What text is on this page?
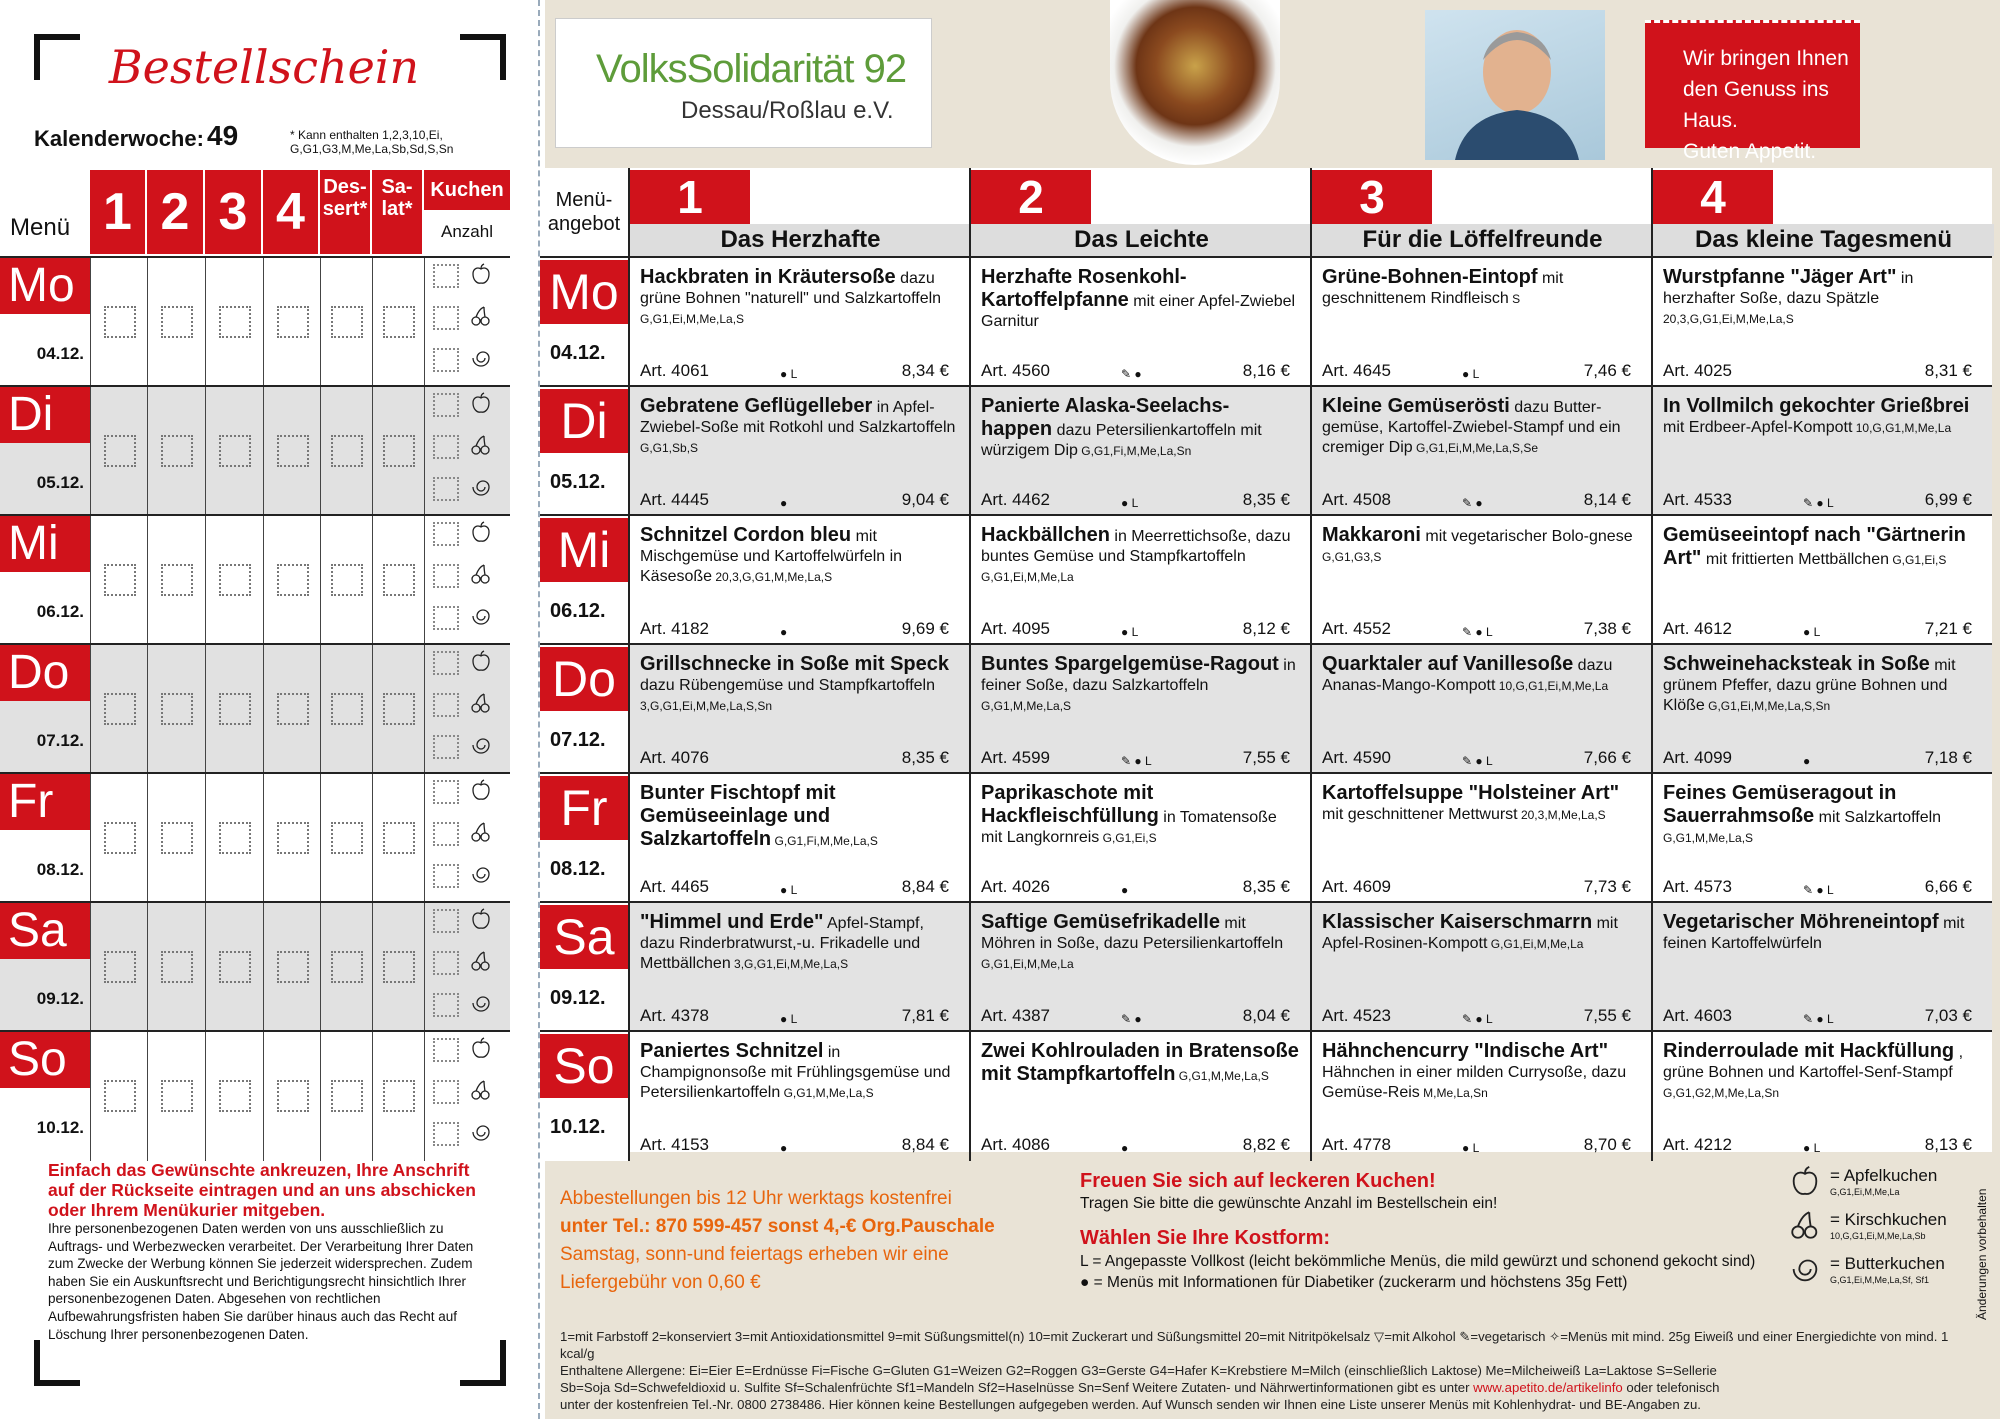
Bestellschein
Kalenderwoche: 49	* Kann enthalten 1,2,3,10,Ei, G,G1,G3,M,Me,La,Sb,Sd,S,Sn
Menü 1 2 3 4 Des-sert*
Sa-lat*
Kuchen
Anzahl
Mo
04.12.
Di
05.12.
Mi
06.12.
Do
07.12.
Fr
08.12.
Sa
09.12.
So
10.12.
Einfach das Gewünschte ankreuzen, Ihre Anschrift auf der Rückseite eintragen und an uns abschicken oder Ihrem Menükurier mitgeben.
Ihre personenbezogenen Daten werden von uns ausschließlich zu Auftrags- und Werbezwecken verarbeitet. Der Verarbeitung Ihrer Daten zum Zwecke der Werbung können Sie jederzeit widersprechen. Zudem haben Sie ein Auskunftsrecht und Berichtigungsrecht hinsichtlich Ihrer personenbezogenen Daten. Abgesehen von rechtlichen Aufbewahrungsfristen haben Sie darüber hinaus auch das Recht auf Löschung Ihrer personenbezogenen Daten.
VolksSolidarität 92
Dessau/Roßlau e.V.
Wir bringen Ihnen
den Genuss ins Haus.
Guten Appetit.
Menü-angebot
1
Das Herzhafte
2
Das Leichte
3
Für die Löffelfreunde
4
Das kleine Tagesmenü
Mo
04.12.
Hackbraten in Kräutersoße dazu grüne Bohnen "naturell" und Salzkartoffeln G,G1,Ei,M,Me,La,S
Art. 4061	● L	8,34 €
Herzhafte Rosenkohl-Kartoffelpfanne mit einer Apfel-Zwiebel Garnitur
Art. 4560	✎ ●	8,16 €
Grüne-Bohnen-Eintopf mit geschnittenem Rindfleisch S
Art. 4645	● L	7,46 €
Wurstpfanne "Jäger Art" in herzhafter Soße, dazu Spätzle 20,3,G,G1,Ei,M,Me,La,S
Art. 4025	8,31 €
Di
05.12.
Gebratene Geflügelleber in Apfel-Zwiebel-Soße mit Rotkohl und Salzkartoffeln G,G1,Sb,S
Art. 4445	●	9,04 €
Panierte Alaska-Seelachs-happen dazu Petersilienkartoffeln mit würzigem Dip G,G1,Fi,M,Me,La,Sn
Art. 4462	● L	8,35 €
Kleine Gemüserösti dazu Butter-gemüse, Kartoffel-Zwiebel-Stampf und ein cremiger Dip G,G1,Ei,M,Me,La,S,Se
Art. 4508	✎ ●	8,14 €
In Vollmilch gekochter Grießbrei mit Erdbeer-Apfel-Kompott 10,G,G1,M,Me,La
Art. 4533	✎ ● L	6,99 €
Mi
06.12.
Schnitzel Cordon bleu mit Mischgemüse und Kartoffelwürfeln in Käsesoße 20,3,G,G1,M,Me,La,S
Art. 4182	●	9,69 €
Hackbällchen in Meerrettichsoße, dazu buntes Gemüse und Stampfkartoffeln G,G1,Ei,M,Me,La
Art. 4095	● L	8,12 €
Makkaroni mit vegetarischer Bolo-gnese G,G1,G3,S
Art. 4552	✎ ● L	7,38 €
Gemüseeintopf nach "Gärtnerin Art" mit frittierten Mettbällchen G,G1,Ei,S
Art. 4612	● L	7,21 €
Do
07.12.
Grillschnecke in Soße mit Speck dazu Rübengemüse und Stampfkartoffeln 3,G,G1,Ei,M,Me,La,S,Sn
Art. 4076	8,35 €
Buntes Spargelgemüse-Ragout in feiner Soße, dazu Salzkartoffeln G,G1,M,Me,La,S
Art. 4599	✎ ● L	7,55 €
Quarktaler auf Vanillesoße dazu Ananas-Mango-Kompott 10,G,G1,Ei,M,Me,La
Art. 4590	✎ ● L	7,66 €
Schweinehacksteak in Soße mit grünem Pfeffer, dazu grüne Bohnen und Klöße G,G1,Ei,M,Me,La,S,Sn
Art. 4099	●	7,18 €
Fr
08.12.
Bunter Fischtopf mit Gemüseeinlage und Salzkartoffeln G,G1,Fi,M,Me,La,S
Art. 4465	● L	8,84 €
Paprikaschote mit Hackfleischfüllung in Tomatensoße mit Langkornreis G,G1,Ei,S
Art. 4026	●	8,35 €
Kartoffelsuppe "Holsteiner Art" mit geschnittener Mettwurst 20,3,M,Me,La,S
Art. 4609	7,73 €
Feines Gemüseragout in Sauerrahmsoße mit Salzkartoffeln G,G1,M,Me,La,S
Art. 4573	✎ ● L	6,66 €
Sa
09.12.
"Himmel und Erde" Apfel-Stampf, dazu Rinderbratwurst,-u. Frikadelle und Mettbällchen 3,G,G1,Ei,M,Me,La,S
Art. 4378	● L	7,81 €
Saftige Gemüsefrikadelle mit Möhren in Soße, dazu Petersilienkartoffeln G,G1,Ei,M,Me,La
Art. 4387	✎ ●	8,04 €
Klassischer Kaiserschmarrn mit Apfel-Rosinen-Kompott G,G1,Ei,M,Me,La
Art. 4523	✎ ● L	7,55 €
Vegetarischer Möhreneintopf mit feinen Kartoffelwürfeln
Art. 4603	✎ ● L	7,03 €
So
10.12.
Paniertes Schnitzel in Champignonsoße mit Frühlingsgemüse und Petersilienkartoffeln G,G1,M,Me,La,S
Art. 4153	●	8,84 €
Zwei Kohlrouladen in Bratensoße mit Stampfkartoffeln G,G1,M,Me,La,S
Art. 4086	●	8,82 €
Hähnchencurry "Indische Art" Hähnchen in einer milden Currysoße, dazu Gemüse-Reis M,Me,La,Sn
Art. 4778	● L	8,70 €
Rinderroulade mit Hackfüllung , grüne Bohnen und Kartoffel-Senf-Stampf G,G1,G2,M,Me,La,Sn
Art. 4212	● L	8,13 €
Abbestellungen bis 12 Uhr werktags kostenfrei
unter Tel.: 870 599-457 sonst 4,-€ Org.Pauschale
Samstag, sonn-und feiertags erheben wir eine
Liefergebühr von 0,60 €
Freuen Sie sich auf leckeren Kuchen!
Tragen Sie bitte die gewünschte Anzahl im Bestellschein ein!
Wählen Sie Ihre Kostform:
L = Angepasste Vollkost (leicht bekömmliche Menüs, die mild gewürzt und schonend gekocht sind)
● = Menüs mit Informationen für Diabetiker (zuckerarm und höchstens 35g Fett)
= Apfelkuchen
G,G1,Ei,M,Me,La
= Kirschkuchen
10,G,G1,Ei,M,Me,La,Sb
= Butterkuchen
G,G1,Ei,M,Me,La,Sf, Sf1	Änderungen vorbehalten
1=mit Farbstoff 2=konserviert 3=mit Antioxidationsmittel 9=mit Süßungsmittel(n) 10=mit Zuckerart und Süßungsmittel 20=mit Nitritpökelsalz ▽=mit Alkohol ✎=vegetarisch ✧=Menüs mit mind. 25g Eiweiß und einer Energiedichte von mind. 1 kcal/g
Enthaltene Allergene: Ei=Eier E=Erdnüsse Fi=Fische G=Gluten G1=Weizen G2=Roggen G3=Gerste G4=Hafer K=Krebstiere M=Milch (einschließlich Laktose) Me=Milcheiweiß La=Laktose S=Sellerie
Sb=Soja Sd=Schwefeldioxid u. Sulfite Sf=Schalenfrüchte Sf1=Mandeln Sf2=Haselnüsse Sn=Senf Weitere Zutaten- und Nährwertinformationen gibt es unter www.apetito.de/artikelinfo oder telefonisch
unter der kostenfreien Tel.-Nr. 0800 2738486. Hier können keine Bestellungen aufgegeben werden. Auf Wunsch senden wir Ihnen eine Liste unserer Menüs mit Kohlenhydrat- und BE-Angaben zu.
